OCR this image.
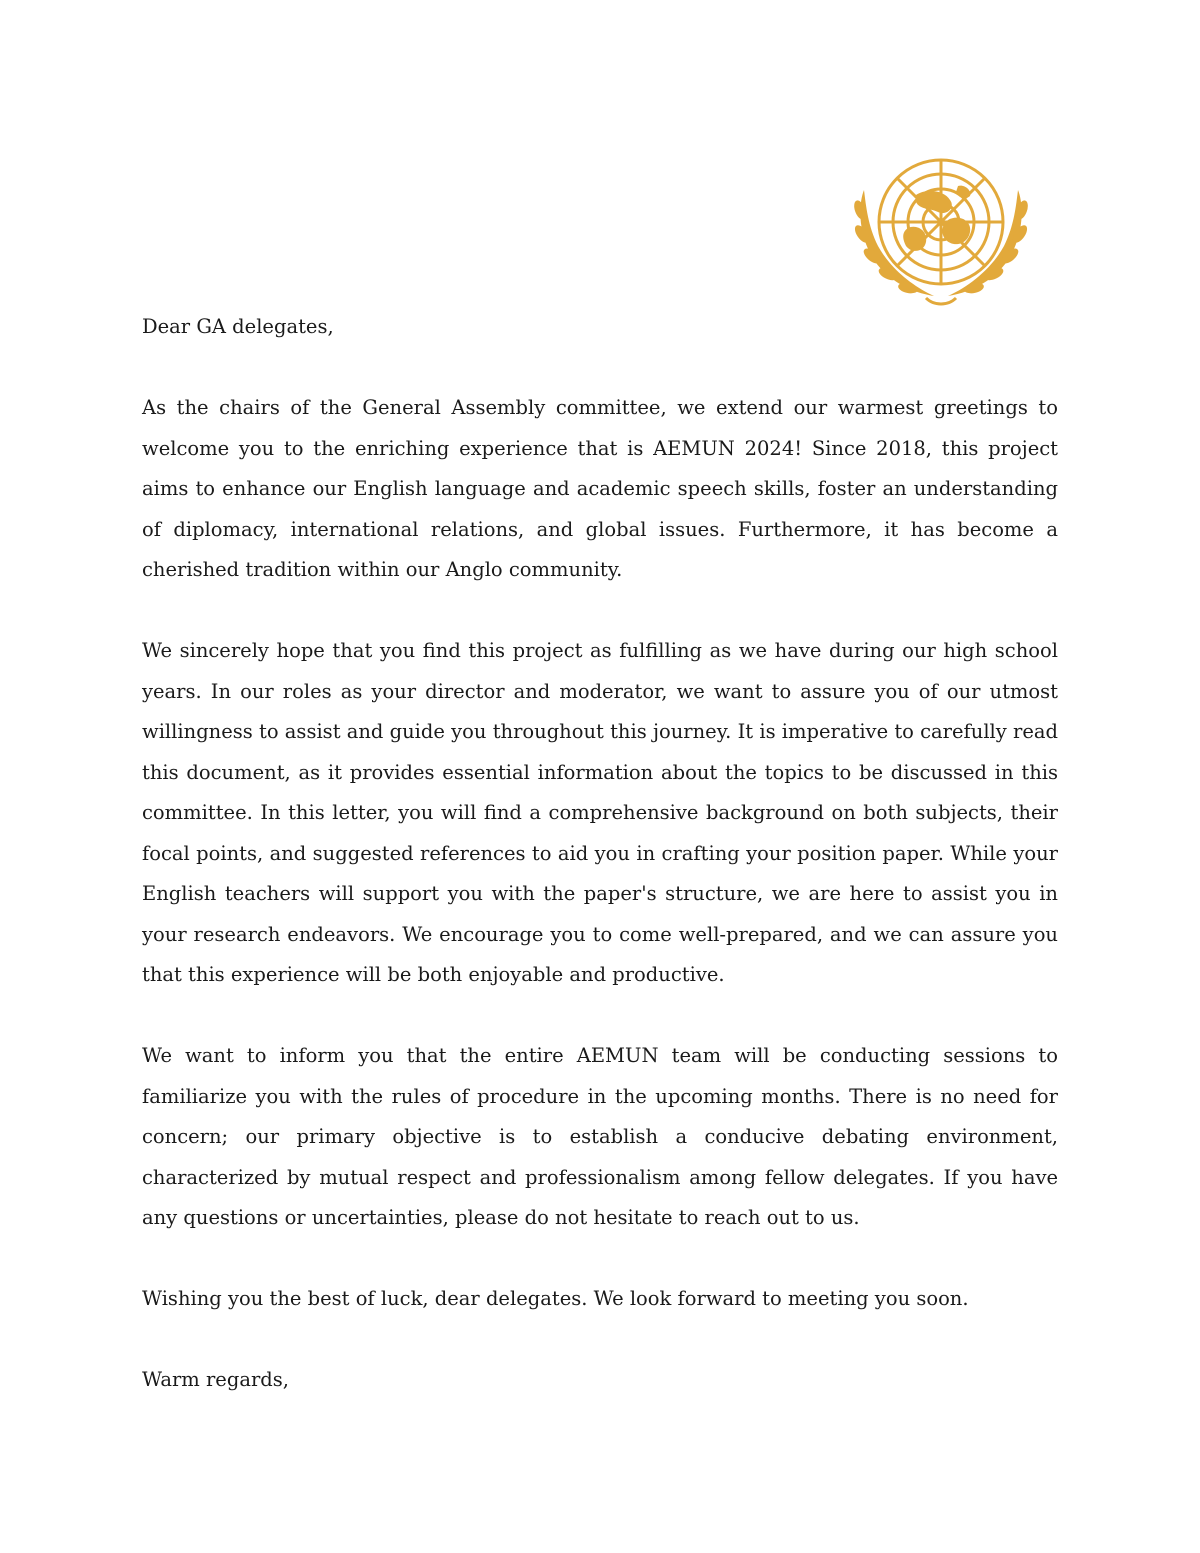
Dear GA delegates,

As the chairs of the General Assembly committee, we extend our warmest greetings to welcome you to the enriching experience that is AEMUN 2024! Since 2018, this project aims to enhance our English language and academic speech skills, foster an understanding of diplomacy, international relations, and global issues. Furthermore, it has become a cherished tradition within our Anglo community.

We sincerely hope that you find this project as fulfilling as we have during our high school years. In our roles as your director and moderator, we want to assure you of our utmost willingness to assist and guide you throughout this journey. It is imperative to carefully read this document, as it provides essential information about the topics to be discussed in this committee. In this letter, you will find a comprehensive background on both subjects, their focal points, and suggested references to aid you in crafting your position paper. While your English teachers will support you with the paper's structure, we are here to assist you in your research endeavors. We encourage you to come well-prepared, and we can assure you that this experience will be both enjoyable and productive.

We want to inform you that the entire AEMUN team will be conducting sessions to familiarize you with the rules of procedure in the upcoming months. There is no need for concern; our primary objective is to establish a conducive debating environment, characterized by mutual respect and professionalism among fellow delegates. If you have any questions or uncertainties, please do not hesitate to reach out to us.

Wishing you the best of luck, dear delegates. We look forward to meeting you soon.

Warm regards,
